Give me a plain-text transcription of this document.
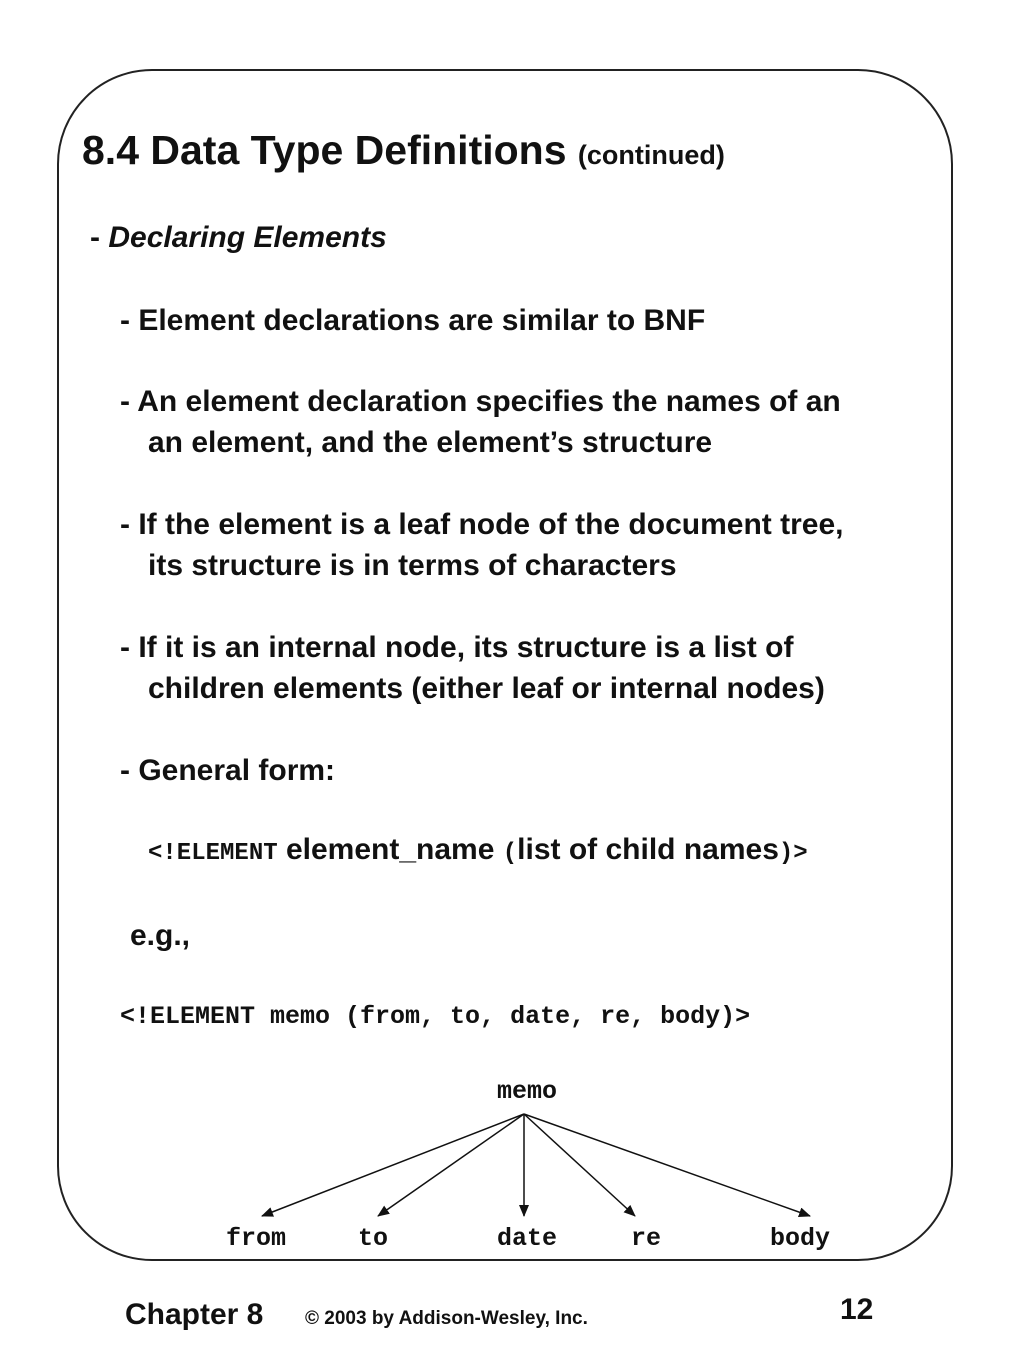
8.4 Data Type Definitions (continued)
- Declaring Elements
- Element declarations are similar to BNF
- An element declaration specifies the names of an
an element, and the element’s structure
- If the element is a leaf node of the document tree,
its structure is in terms of characters
- If it is an internal node, its structure is a list of
children elements (either leaf or internal nodes)
- General form:
<!ELEMENT element_name (list of child names)>
e.g.,
<!ELEMENT memo (from, to, date, re, body)>
memo
from	to	date	re	body
Chapter 8 © 2003 by Addison-Wesley, Inc.	12
